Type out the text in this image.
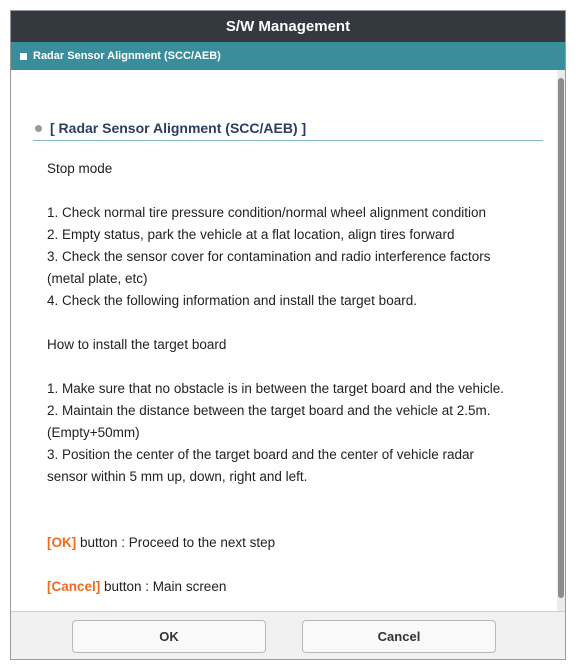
S/W Management
Radar Sensor Alignment (SCC/AEB)
[ Radar Sensor Alignment (SCC/AEB) ]

Stop mode

1. Check normal tire pressure condition/normal wheel alignment condition

2. Empty status, park the vehicle at a flat location, align tires forward

3. Check the sensor cover for contamination and radio interference factors

(metal plate, etc)

4. Check the following information and install the target board.

How to install the target board

1. Make sure that no obstacle is in between the target board and the vehicle.

2. Maintain the distance between the target board and the vehicle at 2.5m.

(Empty+50mm)

3. Position the center of the target board and the center of vehicle radar

sensor within 5 mm up, down, right and left.

[OK] button : Proceed to the next step

[Cancel] button : Main screen

OK	Cancel
